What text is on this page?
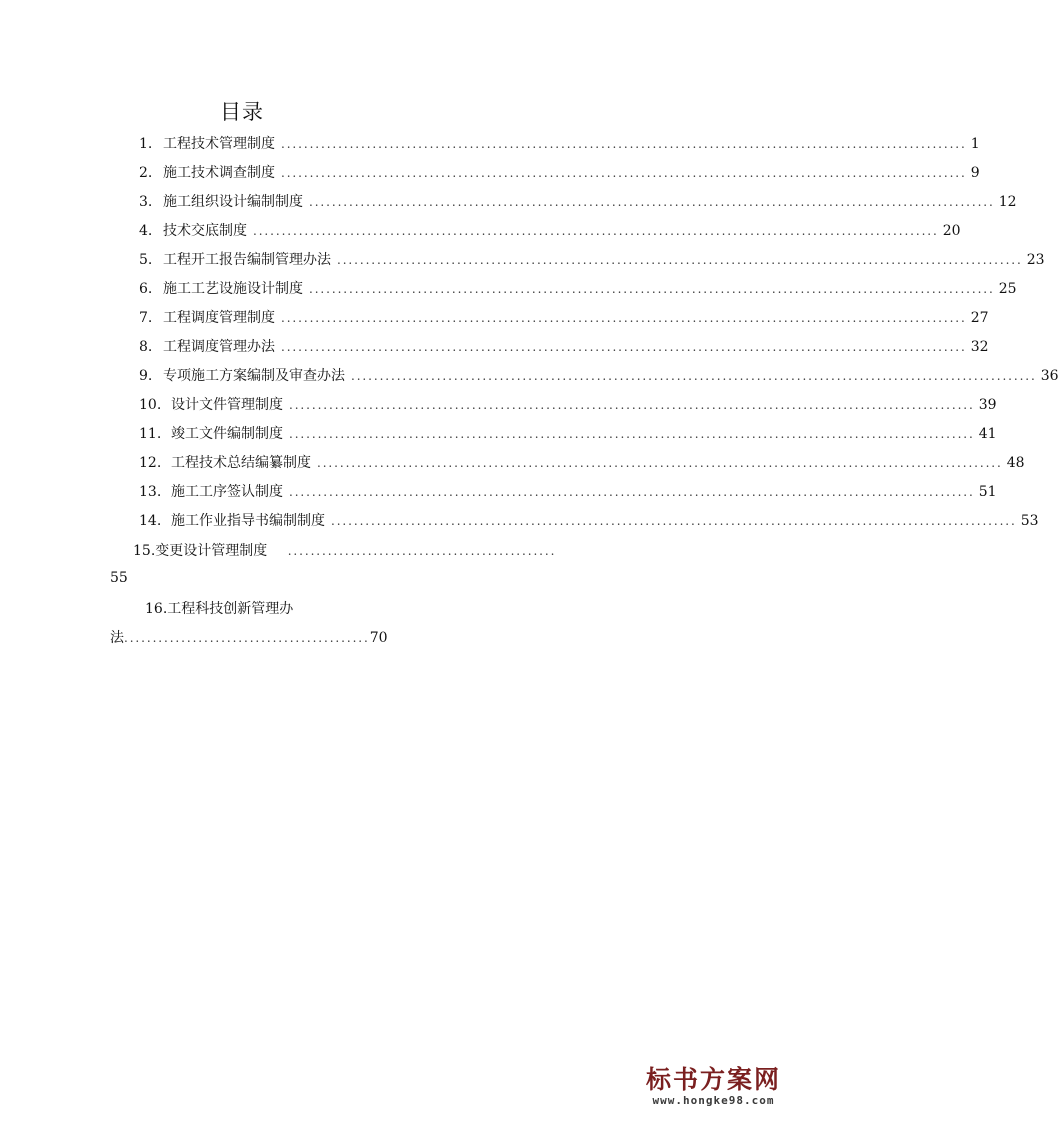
目录
1. 工程技术管理制度 ........................................................................................................................ 1
2. 施工技术调查制度 ........................................................................................................................ 9
3. 施工组织设计编制制度 ........................................................................................................................ 12
4. 技术交底制度 ........................................................................................................................ 20
5. 工程开工报告编制管理办法 ........................................................................................................................ 23
6. 施工工艺设施设计制度 ........................................................................................................................ 25
7. 工程调度管理制度 ........................................................................................................................ 27
8. 工程调度管理办法 ........................................................................................................................ 32
9. 专项施工方案编制及审查办法 ........................................................................................................................ 36
10. 设计文件管理制度 ........................................................................................................................ 39
11. 竣工文件编制制度 ........................................................................................................................ 41
12. 工程技术总结编纂制度 ........................................................................................................................ 48
13. 施工工序签认制度 ........................................................................................................................ 51
14. 施工作业指导书编制制度 ........................................................................................................................ 53
15.变更设计管理制度 ...............................................
55
16.工程科技创新管理办
法...........................................70
标书方案网
www.hongke98.com
